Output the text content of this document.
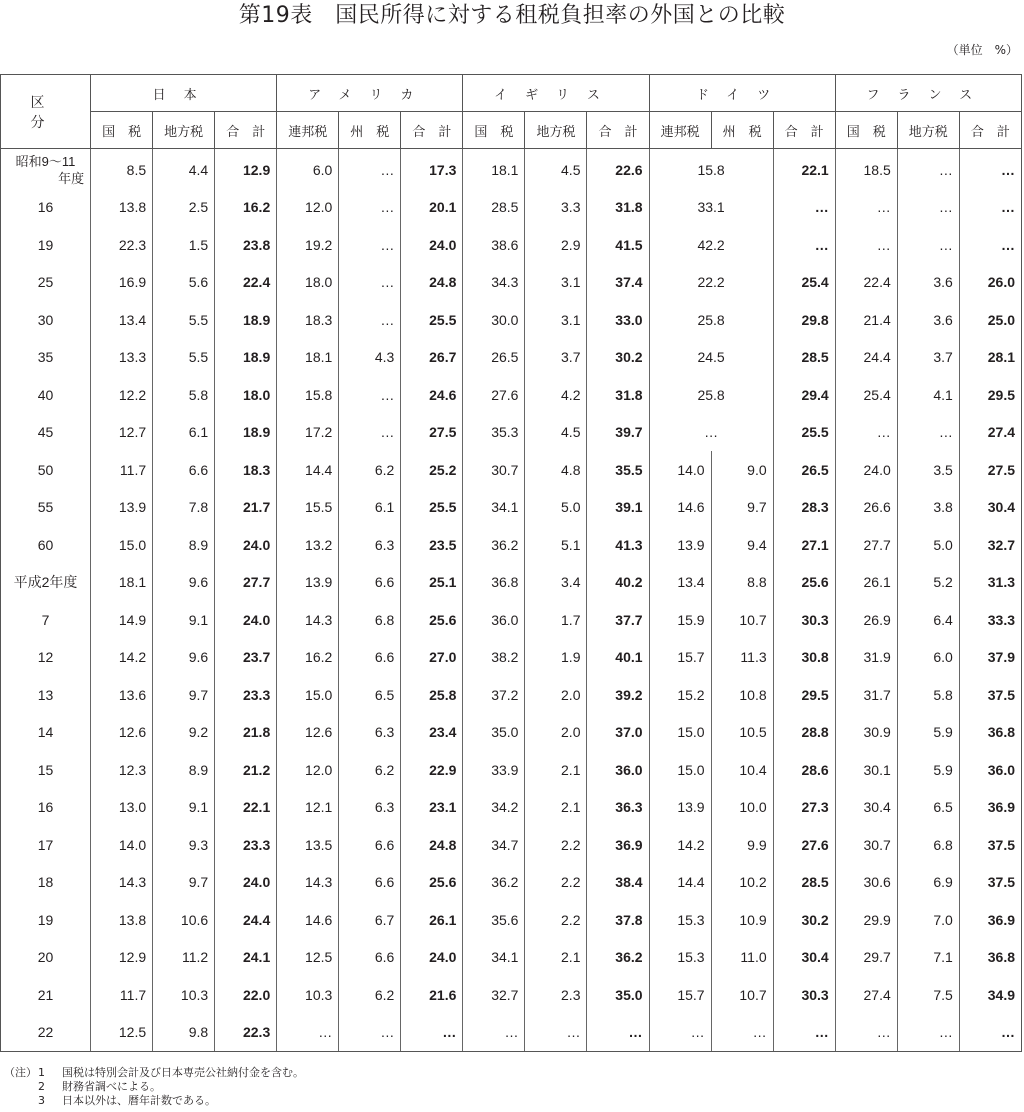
第19表　国民所得に対する租税負担率の外国との比較
（単位　%）
区　分	日本			アメリカ			イギリス			ドイツ			フランス		
	国　税	地方税	合　計	連邦税	州　税	合　計	国　税	地方税	合　計	連邦税	州　税	合　計	国　税	地方税	合　計

昭和9～11
年度	8.5	4.4	12.9	6.0	…	17.3	18.1	4.5	22.6	15.8		22.1	18.5	…	…
16	13.8	2.5	16.2	12.0	…	20.1	28.5	3.3	31.8	33.1		…	…	…	…
19	22.3	1.5	23.8	19.2	…	24.0	38.6	2.9	41.5	42.2		…	…	…	…
25	16.9	5.6	22.4	18.0	…	24.8	34.3	3.1	37.4	22.2		25.4	22.4	3.6	26.0
30	13.4	5.5	18.9	18.3	…	25.5	30.0	3.1	33.0	25.8		29.8	21.4	3.6	25.0
35	13.3	5.5	18.9	18.1	4.3	26.7	26.5	3.7	30.2	24.5		28.5	24.4	3.7	28.1
40	12.2	5.8	18.0	15.8	…	24.6	27.6	4.2	31.8	25.8		29.4	25.4	4.1	29.5
45	12.7	6.1	18.9	17.2	…	27.5	35.3	4.5	39.7	…		25.5	…	…	27.4
50	11.7	6.6	18.3	14.4	6.2	25.2	30.7	4.8	35.5	14.0	9.0	26.5	24.0	3.5	27.5
55	13.9	7.8	21.7	15.5	6.1	25.5	34.1	5.0	39.1	14.6	9.7	28.3	26.6	3.8	30.4
60	15.0	8.9	24.0	13.2	6.3	23.5	36.2	5.1	41.3	13.9	9.4	27.1	27.7	5.0	32.7
平成2年度	18.1	9.6	27.7	13.9	6.6	25.1	36.8	3.4	40.2	13.4	8.8	25.6	26.1	5.2	31.3
7	14.9	9.1	24.0	14.3	6.8	25.6	36.0	1.7	37.7	15.9	10.7	30.3	26.9	6.4	33.3
12	14.2	9.6	23.7	16.2	6.6	27.0	38.2	1.9	40.1	15.7	11.3	30.8	31.9	6.0	37.9
13	13.6	9.7	23.3	15.0	6.5	25.8	37.2	2.0	39.2	15.2	10.8	29.5	31.7	5.8	37.5
14	12.6	9.2	21.8	12.6	6.3	23.4	35.0	2.0	37.0	15.0	10.5	28.8	30.9	5.9	36.8
15	12.3	8.9	21.2	12.0	6.2	22.9	33.9	2.1	36.0	15.0	10.4	28.6	30.1	5.9	36.0
16	13.0	9.1	22.1	12.1	6.3	23.1	34.2	2.1	36.3	13.9	10.0	27.3	30.4	6.5	36.9
17	14.0	9.3	23.3	13.5	6.6	24.8	34.7	2.2	36.9	14.2	9.9	27.6	30.7	6.8	37.5
18	14.3	9.7	24.0	14.3	6.6	25.6	36.2	2.2	38.4	14.4	10.2	28.5	30.6	6.9	37.5
19	13.8	10.6	24.4	14.6	6.7	26.1	35.6	2.2	37.8	15.3	10.9	30.2	29.9	7.0	36.9
20	12.9	11.2	24.1	12.5	6.6	24.0	34.1	2.1	36.2	15.3	11.0	30.4	29.7	7.1	36.8
21	11.7	10.3	22.0	10.3	6.2	21.6	32.7	2.3	35.0	15.7	10.7	30.3	27.4	7.5	34.9
22	12.5	9.8	22.3	…	…	…	…	…	…	…	…	…	…	…	…
（注） 1	国税は特別会計及び日本専売公社納付金を含む。
2	財務省調べによる。
3	日本以外は、暦年計数である。
